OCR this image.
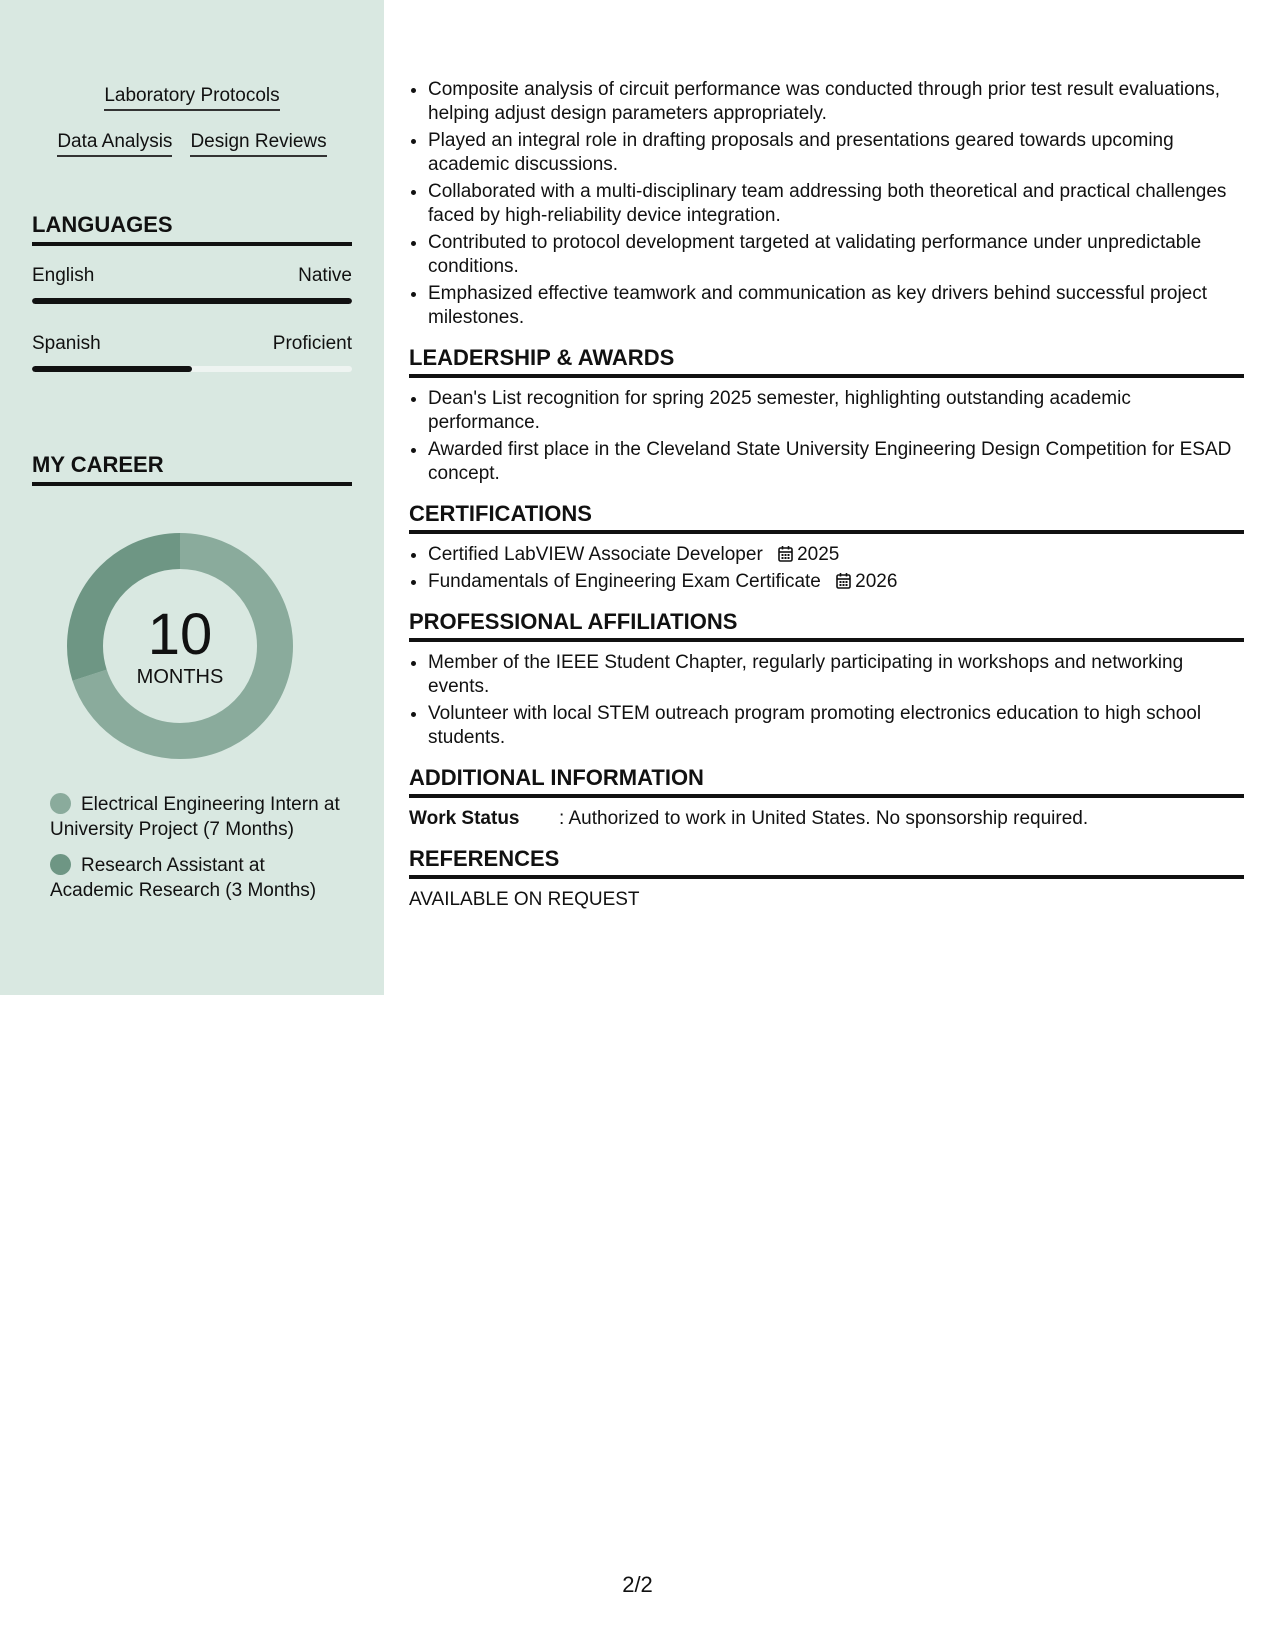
Laboratory Protocols
Data Analysis Design Reviews
LANGUAGES
English	Native
Spanish	Proficient
MY CAREER
10
MONTHS
Electrical Engineering Intern at University Project (7 Months)
Research Assistant at Academic Research (3 Months)
• Composite analysis of circuit performance was conducted through prior test result evaluations, helping adjust design parameters appropriately.
• Played an integral role in drafting proposals and presentations geared towards upcoming academic discussions.
• Collaborated with a multi-disciplinary team addressing both theoretical and practical challenges faced by high-reliability device integration.
• Contributed to protocol development targeted at validating performance under unpredictable conditions.
• Emphasized effective teamwork and communication as key drivers behind successful project milestones.
LEADERSHIP & AWARDS
• Dean's List recognition for spring 2025 semester, highlighting outstanding academic performance.
• Awarded first place in the Cleveland State University Engineering Design Competition for ESAD concept.
CERTIFICATIONS
• Certified LabVIEW Associate Developer 2025
• Fundamentals of Engineering Exam Certificate 2026
PROFESSIONAL AFFILIATIONS
• Member of the IEEE Student Chapter, regularly participating in workshops and networking events.
• Volunteer with local STEM outreach program promoting electronics education to high school students.
ADDITIONAL INFORMATION
Work Status	: Authorized to work in United States. No sponsorship required.
REFERENCES
AVAILABLE ON REQUEST
2/2
